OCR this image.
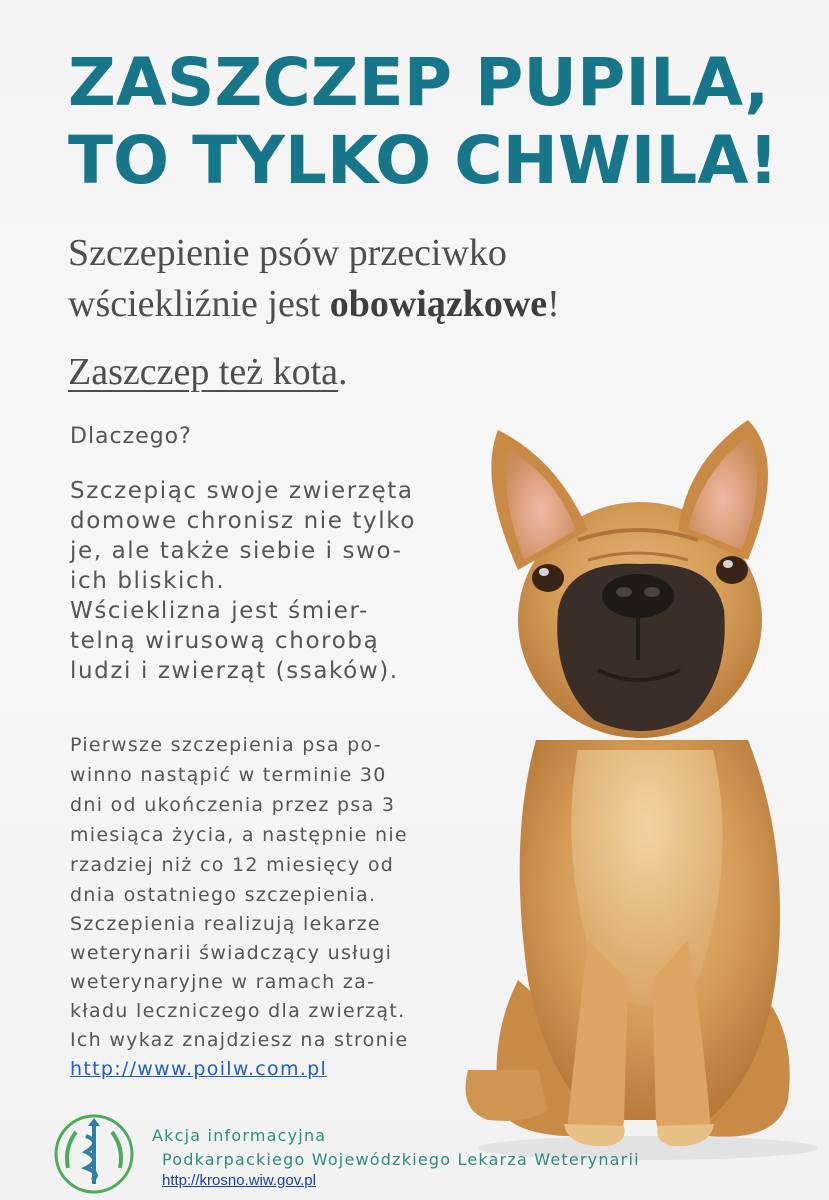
ZASZCZEP PUPILA,
TO TYLKO CHWILA!

Szczepienie psów przeciwko
wściekliźnie jest obowiązkowe!

Zaszczep też kota.

Dlaczego?

Szczepiąc swoje zwierzęta
domowe chronisz nie tylko
je, ale także siebie i swo-
ich bliskich.
Wścieklizna jest śmier-
telną wirusową chorobą
ludzi i zwierząt (ssaków).

Pierwsze szczepienia psa po-
winno nastąpić w terminie 30
dni od ukończenia przez psa 3
miesiąca życia, a następnie nie
rzadziej niż co 12 miesięcy od
dnia ostatniego szczepienia.

Szczepienia realizują lekarze
weterynarii świadczący usługi
weterynaryjne w ramach za-
kładu leczniczego dla zwierząt.
Ich wykaz znajdziesz na stronie
http://www.poilw.com.pl

Akcja informacyjna
Podkarpackiego Wojewódzkiego Lekarza Weterynarii
http://krosno.wiw.gov.pl
